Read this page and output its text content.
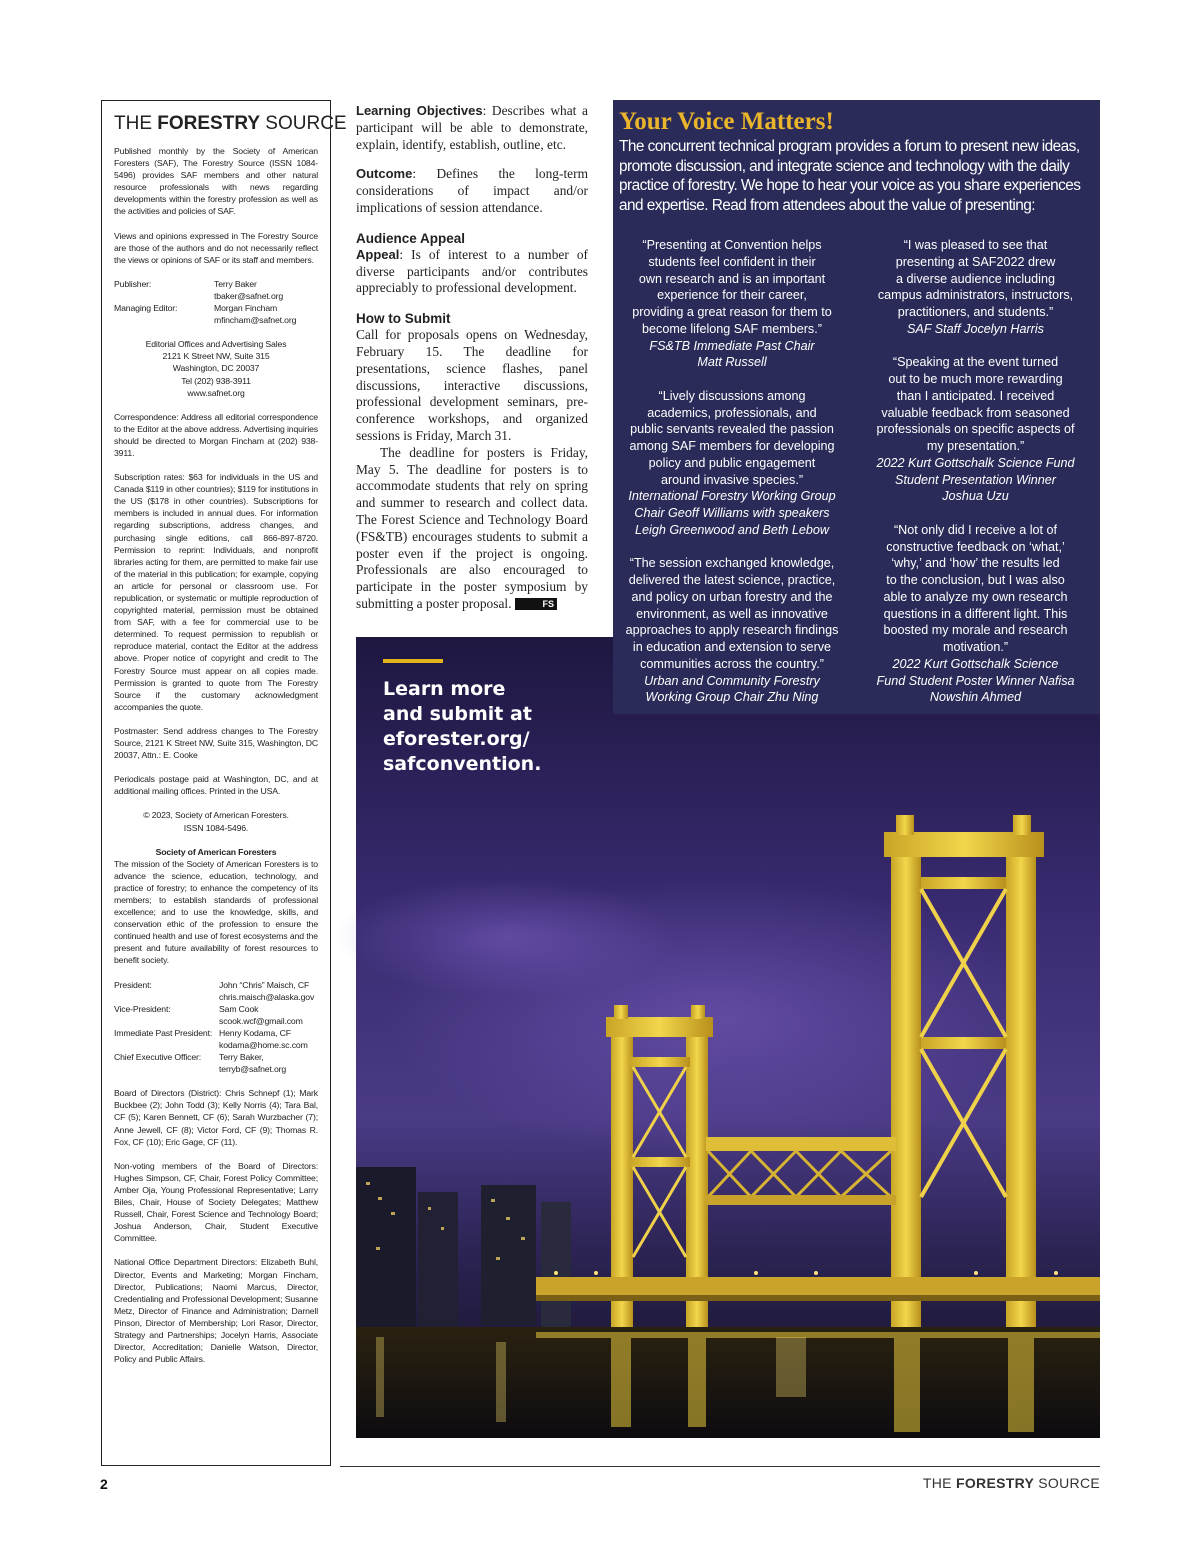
THE FORESTRY SOURCE

Published monthly by the Society of American Foresters (SAF), The Forestry Source (ISSN 1084-5496) provides SAF members and other natural resource professionals with news regarding developments within the forestry profession as well as the activities and policies of SAF.

Views and opinions expressed in The Forestry Source are those of the authors and do not necessarily reflect the views or opinions of SAF or its staff and members.

Publisher:	Terry Baker
tbaker@safnet.org
Managing Editor:	Morgan Fincham
mfincham@safnet.org
Editorial Offices and Advertising Sales
2121 K Street NW, Suite 315
Washington, DC 20037
Tel (202) 938-3911
www.safnet.org

Correspondence: Address all editorial correspondence to the Editor at the above address. Advertising inquiries should be directed to Morgan Fincham at (202) 938-3911.

Subscription rates: $63 for individuals in the US and Canada $119 in other countries); $119 for institutions in the US ($178 in other countries). Subscriptions for members is included in annual dues. For information regarding subscriptions, address changes, and purchasing single editions, call 866-897-8720. Permission to reprint: Individuals, and nonprofit libraries acting for them, are permitted to make fair use of the material in this publication; for example, copying an article for personal or classroom use. For republication, or systematic or multiple reproduction of copyrighted material, permission must be obtained from SAF, with a fee for commercial use to be determined. To request permission to republish or reproduce material, contact the Editor at the address above. Proper notice of copyright and credit to The Forestry Source must appear on all copies made. Permission is granted to quote from The Forestry Source if the customary acknowledgment accompanies the quote.

Postmaster: Send address changes to The Forestry Source, 2121 K Street NW, Suite 315, Washington, DC 20037, Attn.: E. Cooke

Periodicals postage paid at Washington, DC, and at additional mailing offices. Printed in the USA.

© 2023, Society of American Foresters.
ISSN 1084-5496.
Society of American Foresters

The mission of the Society of American Foresters is to advance the science, education, technology, and practice of forestry; to enhance the competency of its members; to establish standards of professional excellence; and to use the knowledge, skills, and conservation ethic of the profession to ensure the continued health and use of forest ecosystems and the present and future availability of forest resources to benefit society.

President:	John “Chris” Maisch, CF
chris.maisch@alaska.gov
Vice-President:	Sam Cook
scook.wcf@gmail.com
Immediate Past President: Henry Kodama, CF
kodama@home.sc.com
Chief Executive Officer:	Terry Baker,
terryb@safnet.org

Board of Directors (District): Chris Schnepf (1); Mark Buckbee (2); John Todd (3); Kelly Norris (4); Tara Bal, CF (5); Karen Bennett, CF (6); Sarah Wurzbacher (7); Anne Jewell, CF (8); Victor Ford, CF (9); Thomas R. Fox, CF (10); Eric Gage, CF (11).

Non-voting members of the Board of Directors: Hughes Simpson, CF, Chair, Forest Policy Committee; Amber Oja, Young Professional Representative; Larry Biles, Chair, House of Society Delegates; Matthew Russell, Chair, Forest Science and Technology Board; Joshua Anderson, Chair, Student Executive Committee.

National Office Department Directors: Elizabeth Buhl, Director, Events and Marketing; Morgan Fincham, Director, Publications; Naomi Marcus, Director, Credentialing and Professional Development; Susanne Metz, Director of Finance and Administration; Darnell Pinson, Director of Membership; Lori Rasor, Director, Strategy and Partnerships; Jocelyn Harris, Associate Director, Accreditation; Danielle Watson, Director, Policy and Public Affairs.

Learning Objectives: Describes what a participant will be able to demonstrate, explain, identify, establish, outline, etc.

Outcome: Defines the long-term considerations of impact and/or implications of session attendance.

Audience Appeal

Appeal: Is of interest to a number of diverse participants and/or contributes appreciably to professional development.

How to Submit

Call for proposals opens on Wednesday, February 15. The deadline for presentations, science flashes, panel discussions, interactive discussions, professional development seminars, pre-conference workshops, and organized sessions is Friday, March 31.

The deadline for posters is Friday, May 5. The deadline for posters is to accommodate students that rely on spring and summer to research and collect data. The Forest Science and Technology Board (FS&TB) encourages students to submit a poster even if the project is ongoing. Professionals are also encouraged to participate in the poster symposium by submitting a poster proposal.	FS

Learn more
and submit at
eforester.org/
safconvention.
Your Voice Matters!
The concurrent technical program provides a forum to present new ideas, promote discussion, and integrate science and technology with the daily practice of forestry. We hope to hear your voice as you share experiences and expertise. Read from attendees about the value of presenting:
“Presenting at Convention helps
students feel confident in their
own research and is an important
experience for their career,
providing a great reason for them to
become lifelong SAF members.”
FS&TB Immediate Past Chair
Matt Russell
“Lively discussions among
academics, professionals, and
public servants revealed the passion
among SAF members for developing
policy and public engagement
around invasive species.”
International Forestry Working Group
Chair Geoff Williams with speakers
Leigh Greenwood and Beth Lebow
“The session exchanged knowledge,
delivered the latest science, practice,
and policy on urban forestry and the
environment, as well as innovative
approaches to apply research findings
in education and extension to serve
communities across the country.”
Urban and Community Forestry
Working Group Chair Zhu Ning
“I was pleased to see that
presenting at SAF2022 drew
a diverse audience including
campus administrators, instructors,
practitioners, and students.”
SAF Staff Jocelyn Harris
“Speaking at the event turned
out to be much more rewarding
than I anticipated. I received
valuable feedback from seasoned
professionals on specific aspects of
my presentation.”
2022 Kurt Gottschalk Science Fund
Student Presentation Winner
Joshua Uzu
“Not only did I receive a lot of
constructive feedback on ‘what,’
‘why,’ and ‘how’ the results led
to the conclusion, but I was also
able to analyze my own research
questions in a different light. This
boosted my morale and research
motivation.”
2022 Kurt Gottschalk Science
Fund Student Poster Winner Nafisa
Nowshin Ahmed
2	THE FORESTRY SOURCE
